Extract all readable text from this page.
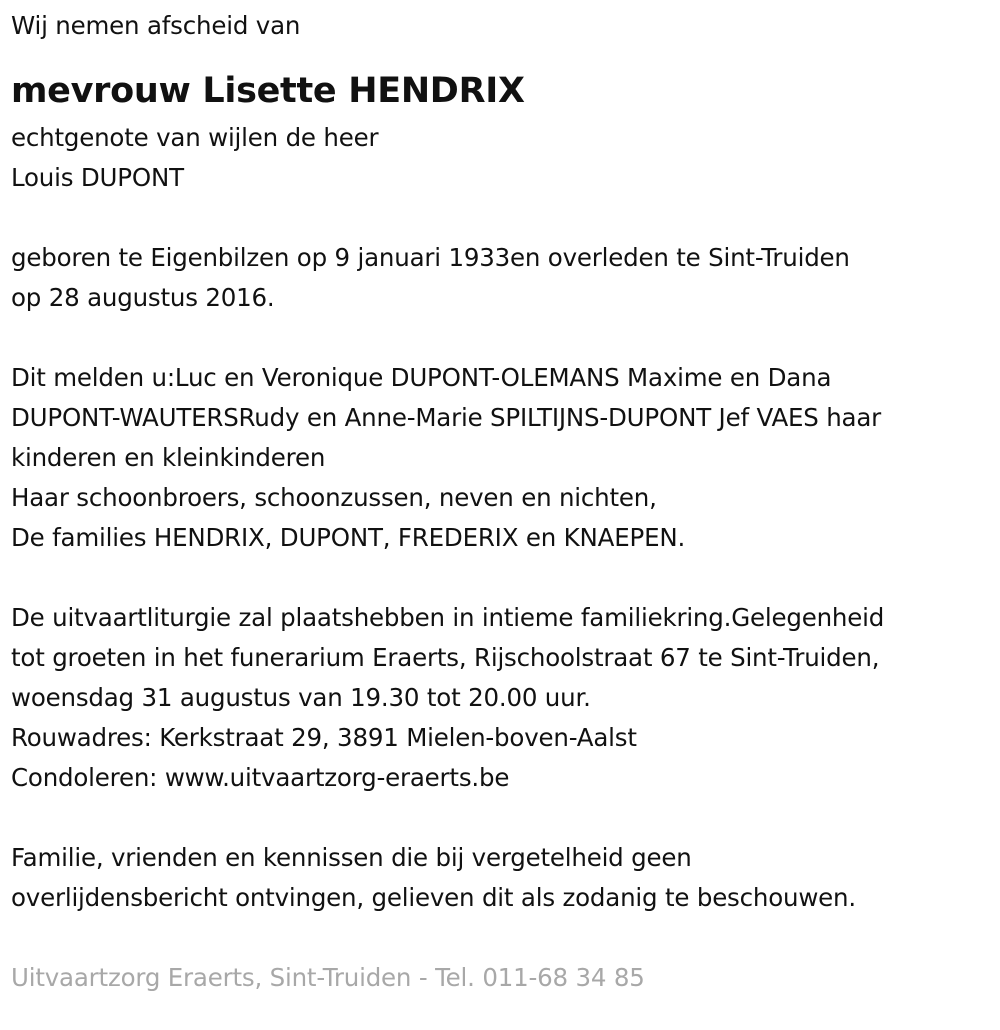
Wij nemen afscheid van
mevrouw Lisette HENDRIX
echtgenote van wijlen de heer
Louis DUPONT
geboren te Eigenbilzen op 9 januari 1933en overleden te Sint-Truiden
op 28 augustus 2016.
Dit melden u:Luc en Veronique DUPONT-OLEMANS Maxime en Dana
DUPONT-WAUTERSRudy en Anne-Marie SPILTIJNS-DUPONT Jef VAES haar
kinderen en kleinkinderen
Haar schoonbroers, schoonzussen, neven en nichten,
De families HENDRIX, DUPONT, FREDERIX en KNAEPEN.
De uitvaartliturgie zal plaatshebben in intieme familiekring.Gelegenheid
tot groeten in het funerarium Eraerts, Rijschoolstraat 67 te Sint-Truiden,
woensdag 31 augustus van 19.30 tot 20.00 uur.
Rouwadres: Kerkstraat 29, 3891 Mielen-boven-Aalst
Condoleren: www.uitvaartzorg-eraerts.be
Familie, vrienden en kennissen die bij vergetelheid geen
overlijdensbericht ontvingen, gelieven dit als zodanig te beschouwen.
Uitvaartzorg Eraerts, Sint-Truiden - Tel. 011-68 34 85
